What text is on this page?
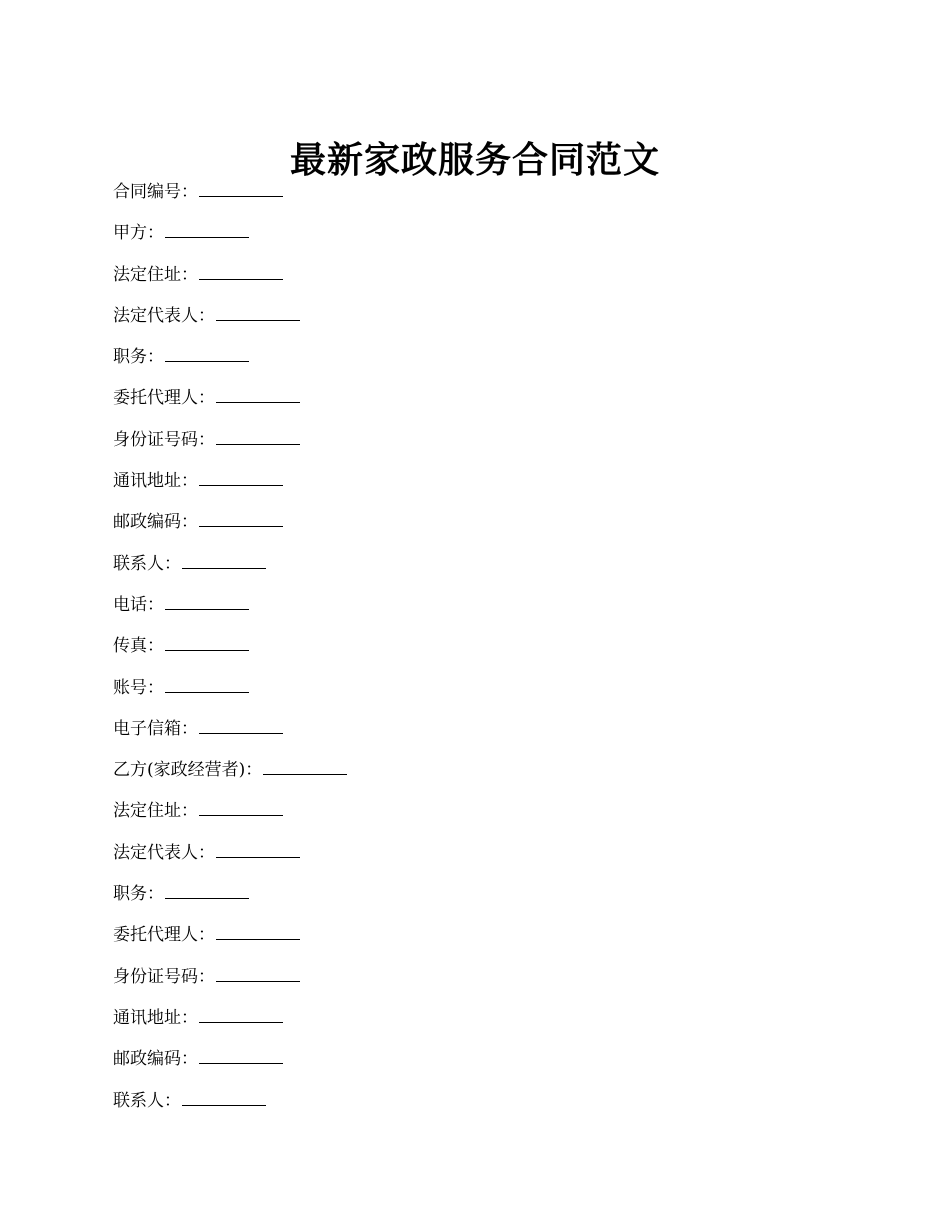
最新家政服务合同范文
合同编号：
甲方：
法定住址：
法定代表人：
职务：
委托代理人：
身份证号码：
通讯地址：
邮政编码：
联系人：
电话：
传真：
账号：
电子信箱：
乙方(家政经营者)：
法定住址：
法定代表人：
职务：
委托代理人：
身份证号码：
通讯地址：
邮政编码：
联系人：
